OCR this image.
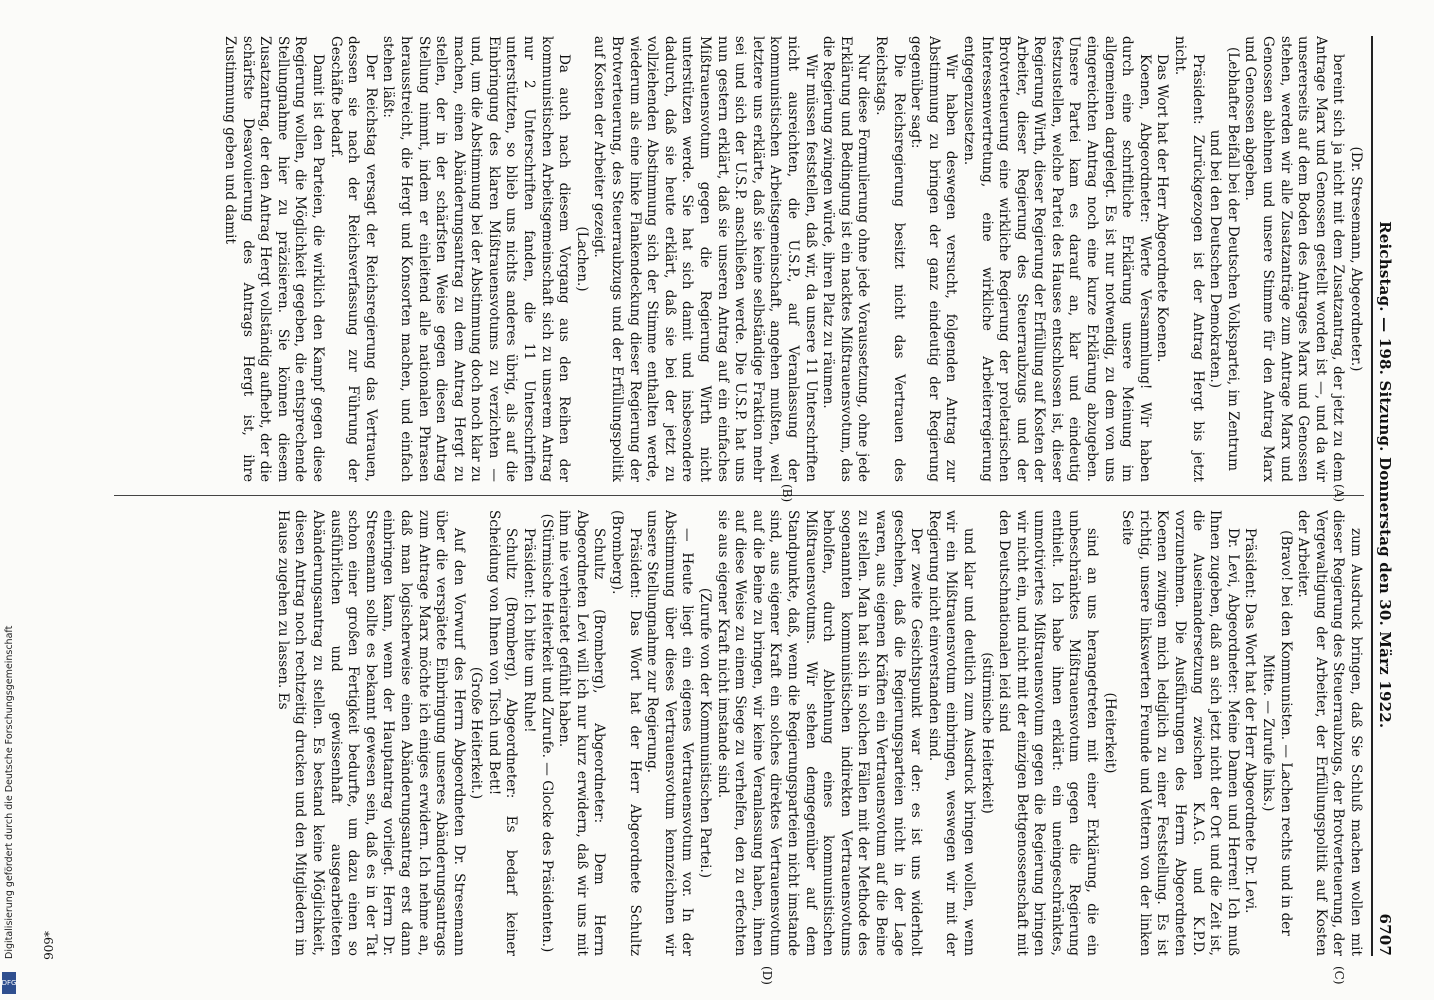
Reichstag. — 198. Sitzung. Donnerstag den 30. März 1922.
6707

(Dr. Stresemann, Abgeordneter.)

bereint sich ja nicht mit dem Zusatzantrag, der jetzt zu dem Antrage Marx und Genossen gestellt worden ist —, und da wir unsererseits auf dem Boden des Antrages Marx und Genossen stehen, werden wir alle Zusatzanträge zum Antrage Marx und Genossen ablehnen und unsere Stimme für den Antrag Marx und Genossen abgeben.

(Lebhafter Beifall bei der Deutschen Volkspartei, im Zentrum und bei den Deutschen Demokraten.)

Präsident: Zurückgezogen ist der Antrag Hergt bis jetzt nicht.

Das Wort hat der Herr Abgeordnete Koenen.

Koenen, Abgeordneter: Werte Versammlung! Wir haben durch eine schriftliche Erklärung unsere Meinung im allgemeinen dargelegt. Es ist nur notwendig, zu dem von uns eingereichten Antrag noch eine kurze Erklärung abzugeben. Unsere Partei kam es darauf an, klar und eindeutig festzustellen, welche Partei des Hauses entschlossen ist, dieser Regierung Wirth, dieser Regierung der Erfüllung auf Kosten der Arbeiter, dieser Regierung des Steuerraubzugs und der Brotverteuerung eine wirkliche Regierung der proletarischen Interessenvertretung, eine wirkliche Arbeiterregierung entgegenzusetzen.

Wir haben deswegen versucht, folgenden Antrag zur Abstimmung zu bringen der ganz eindeutig der Regierung gegenüber sagt:

Die Reichsregierung besitzt nicht das Vertrauen des Reichstags.

Nur diese Formulierung ohne jede Voraussetzung, ohne jede Erklärung und Bedingung ist ein nacktes Mißtrauensvotum, das die Regierung zwingen würde, ihren Platz zu räumen.

Wir müssen feststellen, daß wir, da unsere 11 Unterschriften nicht ausreichten, die U.S.P., auf Veranlassung der kommunistischen Arbeitsgemeinschaft, angehen mußten, weil letztere uns erklärte, daß sie keine selbständige Fraktion mehr sei und sich der U.S.P. anschließen werde. Die U.S.P. hat uns nun gestern erklärt, daß sie unseren Antrag auf ein einfaches Mißtrauensvotum gegen die Regierung Wirth nicht unterstützen werde. Sie hat sich damit und insbesondere dadurch, daß sie heute erklärt, daß sie bei der jetzt zu vollziehenden Abstimmung sich der Stimme enthalten werde, wiederum als eine linke Flankendeckung dieser Regierung der Brotverteuerung, des Steuerraubzugs und der Erfüllungspolitik auf Kosten der Arbeiter gezeigt.

(Lachen.)

Da auch nach diesem Vorgang aus den Reihen der kommunistischen Arbeitsgemeinschaft sich zu unserem Antrag nur 2 Unterschriften fanden, die 11 Unterschriften unterstützten, so blieb uns nichts anderes übrig, als auf die Einbringung des klaren Mißtrauensvotums zu verzichten — und, um die Abstimmung bei der Abstimmung doch noch klar zu machen, einen Abänderungsantrag zu dem Antrag Hergt zu stellen, der in der schärfsten Weise gegen diesen Antrag Stellung nimmt, indem er einleitend alle nationalen Phrasen herausstreicht, die Hergt und Konsorten machen, und einfach stehen läßt:

Der Reichstag versagt der Reichsregierung das Vertrauen, dessen sie nach der Reichsverfassung zur Führung der Geschäfte bedarf.

Damit ist den Parteien, die wirklich den Kampf gegen diese Regierung wollen, die Möglichkeit gegeben, die entsprechende Stellungnahme hier zu präzisieren. Sie können diesem Zusatzantrag, der den Antrag Hergt vollständig aufhebt, der die schärfste Desavouierung des Antrags Hergt ist, ihre Zustimmung geben und damit

(A)
(B)

zum Ausdruck bringen, daß Sie Schluß machen wollen mit dieser Regierung des Steuerraubzugs, der Brotverteuerung, der Vergewaltigung der Arbeiter, der Erfüllungspolitik auf Kosten der Arbeiter.

(Bravo! bei den Kommunisten. — Lachen rechts und in der Mitte. — Zurufe links.)

Präsident: Das Wort hat der Herr Abgeordnete Dr. Levi.

Dr. Levi, Abgeordneter: Meine Damen und Herren! Ich muß Ihnen zugeben, daß an sich jetzt nicht der Ort und die Zeit ist, die Auseinandersetzung zwischen K.A.G. und K.P.D. vorzunehmen. Die Ausführungen des Herrn Abgeordneten Koenen zwingen mich lediglich zu einer Feststellung. Es ist richtig, unsere linkswerten Freunde und Vettern von der linken Seite

(Heiterkeit)

sind an uns herangetreten mit einer Erklärung, die ein unbeschränktes Mißtrauensvotum gegen die Regierung enthielt. Ich habe ihnen erklärt: ein uneingeschränktes, unmotiviertes Mißtrauensvotum gegen die Regierung bringen wir nicht ein, und nicht mit der einzigen Bettgenossenschaft mit den Deutschnationalen leid sind

(stürmische Heiterkeit)

und klar und deutlich zum Ausdruck bringen wollen, wenn wir ein Mißtrauensvotum einbringen, weswegen wir mit der Regierung nicht einverstanden sind.

Der zweite Gesichtspunkt war der: es ist uns widerholt geschehen, daß die Regierungsparteien nicht in der Lage waren, aus eigenen Kräften ein Vertrauensvotum auf die Beine zu stellen. Man hat sich in solchen Fällen mit der Methode des sogenannten kommunistischen indirekten Vertrauensvotums beholfen, durch Ablehnung eines kommunistischen Mißtrauensvotums. Wir stehen demgegenüber auf dem Standpunkte, daß, wenn die Regierungsparteien nicht imstande sind, aus eigener Kraft ein solches direktes Vertrauensvotum auf die Beine zu bringen, wir keine Veranlassung haben, ihnen auf diese Weise zu einem Siege zu verhelfen, den zu erfechten sie aus eigener Kraft nicht imstande sind.

(Zurufe von der Kommunistischen Partei.)

— Heute liegt ein eigenes Vertrauensvotum vor. In der Abstimmung über dieses Vertrauensvotum kennzeichnen wir unsere Stellungnahme zur Regierung.

Präsident: Das Wort hat der Herr Abgeordnete Schultz (Bromberg).

Schultz (Bromberg), Abgeordneter: Dem Herrn Abgeordneten Levi will ich nur kurz erwidern, daß wir uns mit ihm nie verheiratet gefühlt haben.

(Stürmische Heiterkeit und Zurufe. — Glocke des Präsidenten.)

Präsident: Ich bitte um Ruhe!

Schultz (Bromberg), Abgeordneter: Es bedarf keiner Scheidung von Ihnen von Tisch und Bett!

(Große Heiterkeit.)

Auf den Vorwurf des Herrn Abgeordneten Dr. Stresemann über die verspätete Einbringung unseres Abänderungsantrags zum Antrage Marx möchte ich einiges erwidern. Ich nehme an, daß man logischerweise einen Abänderungsantrag erst dann einbringen kann, wenn der Hauptantrag vorliegt. Herrn Dr. Stresemann sollte es bekannt gewesen sein, daß es in der Tat schon einer großen Fertigkeit bedurfte, um dazu einen so ausführlichen und gewissenhaft ausgearbeiteten Abänderungsantrag zu stellen. Es bestand keine Möglichkeit, diesen Antrag noch rechtzeitig drucken und den Mitgliedern im Hause zugehen zu lassen. Es

(C)
(D)
909*
Digitalisierung gefördert durch die Deutsche Forschungsgemeinschaft
DFG
